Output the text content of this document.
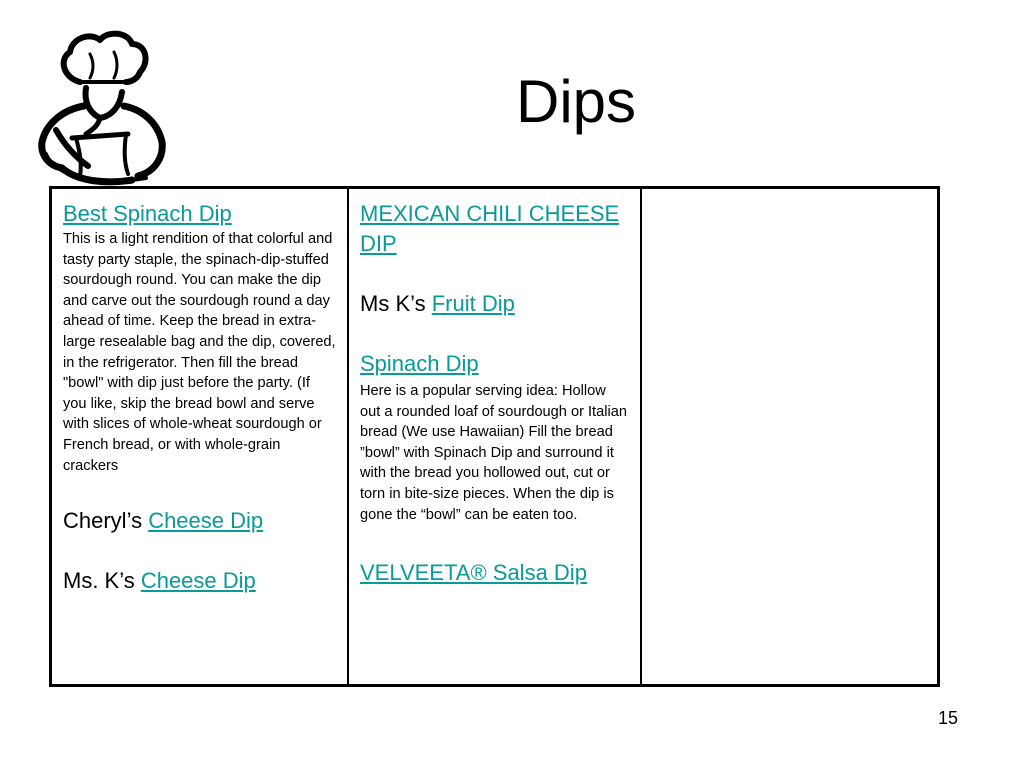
Dips
Best Spinach Dip
This is a light rendition of that colorful and tasty party staple, the spinach-dip-stuffed sourdough round. You can make the dip and carve out the sourdough round a day ahead of time. Keep the bread in extra-large resealable bag and the dip, covered, in the refrigerator. Then fill the bread "bowl" with dip just before the party. (If you like, skip the bread bowl and serve with slices of whole-wheat sourdough or French bread, or with whole-grain crackers
Cheryl’s Cheese Dip
Ms. K’s Cheese Dip
MEXICAN CHILI CHEESE DIP
Ms K’s Fruit Dip
Spinach Dip
Here is a popular serving idea: Hollow out a rounded loaf of sourdough or Italian bread (We use Hawaiian) Fill the bread ”bowl” with Spinach Dip and surround it with the bread you hollowed out, cut or torn in bite-size pieces. When the dip is gone the “bowl” can be eaten too.
VELVEETA® Salsa Dip
15
